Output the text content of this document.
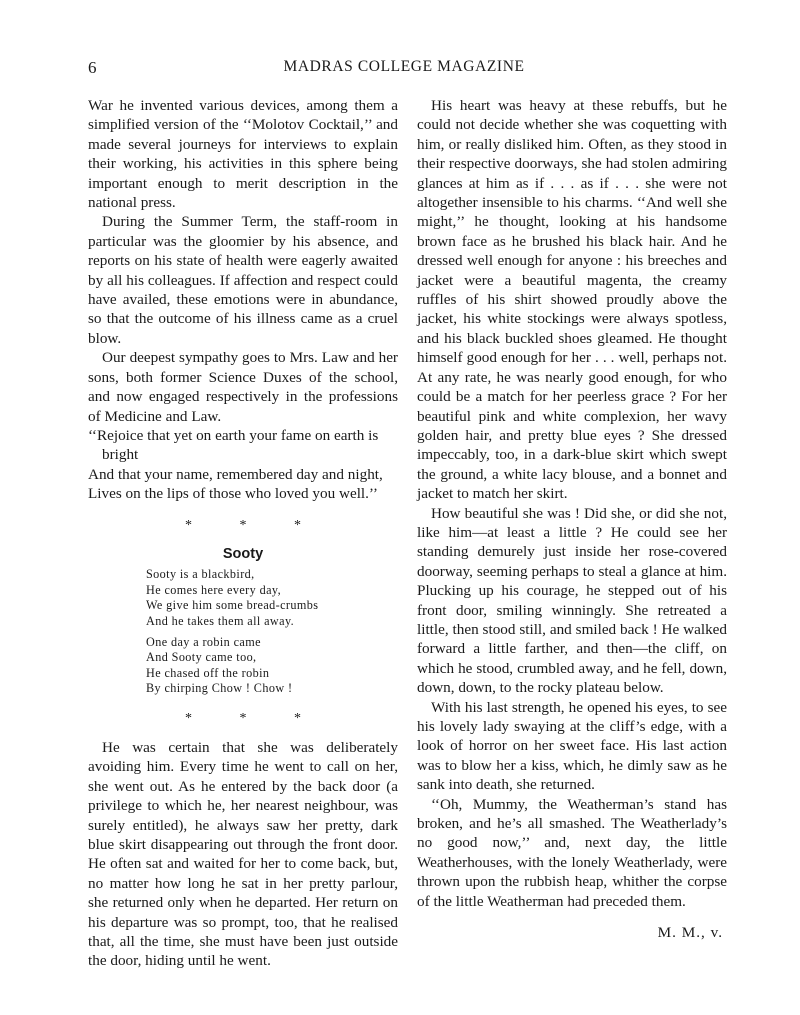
6	MADRAS COLLEGE MAGAZINE

War he invented various devices, among them a simplified version of the ‘‘Molotov Cocktail,’’ and made several journeys for interviews to explain their working, his activities in this sphere being important enough to merit description in the national press.

During the Summer Term, the staff-room in particular was the gloomier by his absence, and reports on his state of health were eagerly awaited by all his colleagues. If affection and respect could have availed, these emotions were in abundance, so that the outcome of his illness came as a cruel blow.

Our deepest sympathy goes to Mrs. Law and her sons, both former Science Duxes of the school, and now engaged respectively in the professions of Medicine and Law.

‘‘Rejoice that yet on earth your fame on earth is bright
And that your name, remembered day and night,
Lives on the lips of those who loved you well.’’
* * *
Sooty
Sooty is a blackbird,
He comes here every day,
We give him some bread-crumbs
And he takes them all away.
One day a robin came
And Sooty came too,
He chased off the robin
By chirping Chow ! Chow !
* * *

He was certain that she was deliberately avoiding him. Every time he went to call on her, she went out. As he entered by the back door (a privilege to which he, her nearest neighbour, was surely entitled), he always saw her pretty, dark blue skirt disappearing out through the front door. He often sat and waited for her to come back, but, no matter how long he sat in her pretty parlour, she returned only when he departed. Her return on his departure was so prompt, too, that he realised that, all the time, she must have been just outside the door, hiding until he went.

His heart was heavy at these rebuffs, but he could not decide whether she was coquetting with him, or really disliked him. Often, as they stood in their respective doorways, she had stolen admiring glances at him as if . . . as if . . . she were not altogether insensible to his charms. ‘‘And well she might,’’ he thought, looking at his handsome brown face as he brushed his black hair. And he dressed well enough for anyone : his breeches and jacket were a beautiful magenta, the creamy ruffles of his shirt showed proudly above the jacket, his white stockings were always spotless, and his black buckled shoes gleamed. He thought himself good enough for her . . . well, perhaps not. At any rate, he was nearly good enough, for who could be a match for her peerless grace ? For her beautiful pink and white complexion, her wavy golden hair, and pretty blue eyes ? She dressed impeccably, too, in a dark-blue skirt which swept the ground, a white lacy blouse, and a bonnet and jacket to match her skirt.

How beautiful she was ! Did she, or did she not, like him—at least a little ? He could see her standing demurely just inside her rose-covered doorway, seeming perhaps to steal a glance at him. Plucking up his courage, he stepped out of his front door, smiling winningly. She retreated a little, then stood still, and smiled back ! He walked forward a little farther, and then—the cliff, on which he stood, crumbled away, and he fell, down, down, down, to the rocky plateau below.

With his last strength, he opened his eyes, to see his lovely lady swaying at the cliff’s edge, with a look of horror on her sweet face. His last action was to blow her a kiss, which, he dimly saw as he sank into death, she returned.

‘‘Oh, Mummy, the Weatherman’s stand has broken, and he’s all smashed. The Weatherlady’s no good now,’’ and, next day, the little Weatherhouses, with the lonely Weatherlady, were thrown upon the rubbish heap, whither the corpse of the little Weatherman had preceded them.

M. M., v.
